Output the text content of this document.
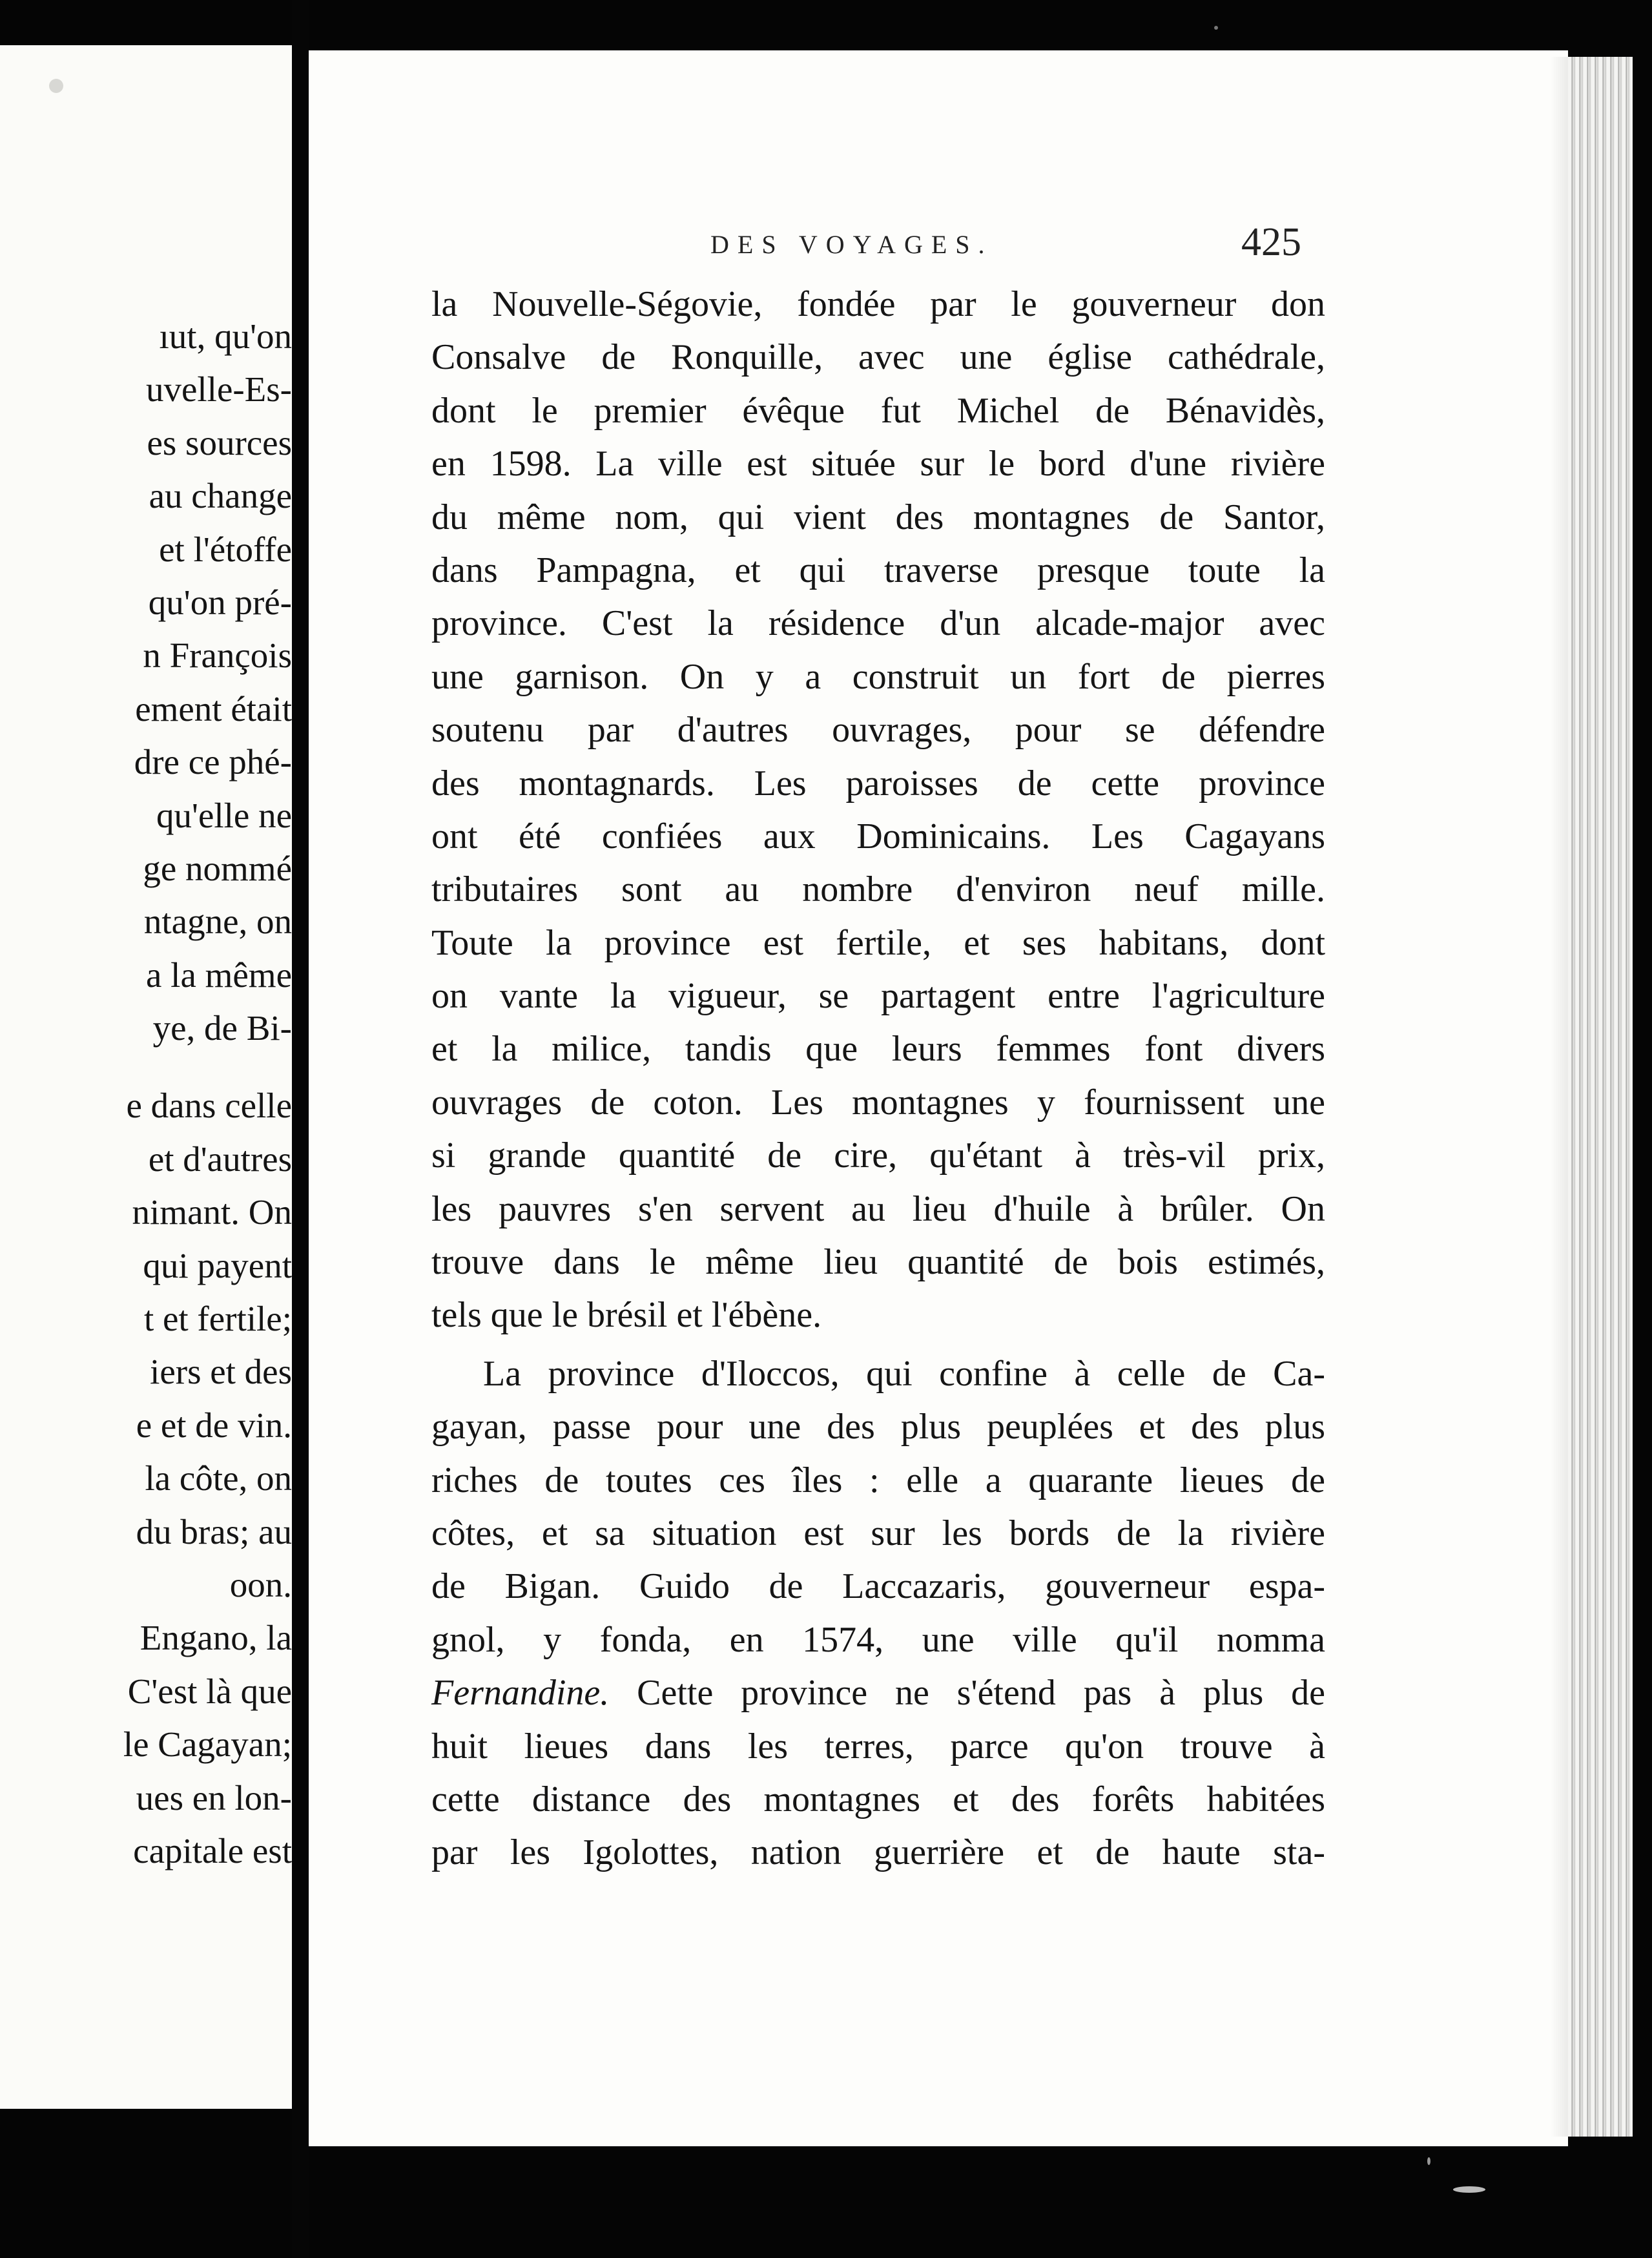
ıut, qu'on
uvelle-Es-
es sources
au change
et l'étoffe
qu'on pré-
n François
ement était
dre ce phé-
qu'elle ne
ge nommé
ntagne, on
a la même
ye, de Bi-
e dans celle
et d'autres
nimant. On
qui payent
t et fertile;
iers et des
e et de vin.
la côte, on
du bras; au
oon.
Engano, la
C'est là que
le Cagayan;
ues en lon-
capitale est
DES VOYAGES.	425
la Nouvelle-Ségovie, fondée par le gouverneur don
Consalve de Ronquille, avec une église cathédrale,
dont le premier évêque fut Michel de Bénavidès,
en 1598. La ville est située sur le bord d'une rivière
du même nom, qui vient des montagnes de Santor,
dans Pampagna, et qui traverse presque toute la
province. C'est la résidence d'un alcade-major avec
une garnison. On y a construit un fort de pierres
soutenu par d'autres ouvrages, pour se défendre
des montagnards. Les paroisses de cette province
ont été confiées aux Dominicains. Les Cagayans
tributaires sont au nombre d'environ neuf mille.
Toute la province est fertile, et ses habitans, dont
on vante la vigueur, se partagent entre l'agriculture
et la milice, tandis que leurs femmes font divers
ouvrages de coton. Les montagnes y fournissent une
si grande quantité de cire, qu'étant à très-vil prix,
les pauvres s'en servent au lieu d'huile à brûler. On
trouve dans le même lieu quantité de bois estimés,
tels que le brésil et l'ébène.
La province d'Iloccos, qui confine à celle de Ca-
gayan, passe pour une des plus peuplées et des plus
riches de toutes ces îles : elle a quarante lieues de
côtes, et sa situation est sur les bords de la rivière
de Bigan. Guido de Laccazaris, gouverneur espa-
gnol, y fonda, en 1574, une ville qu'il nomma
Fernandine. Cette province ne s'étend pas à plus de
huit lieues dans les terres, parce qu'on trouve à
cette distance des montagnes et des forêts habitées
par les Igolottes, nation guerrière et de haute sta-
